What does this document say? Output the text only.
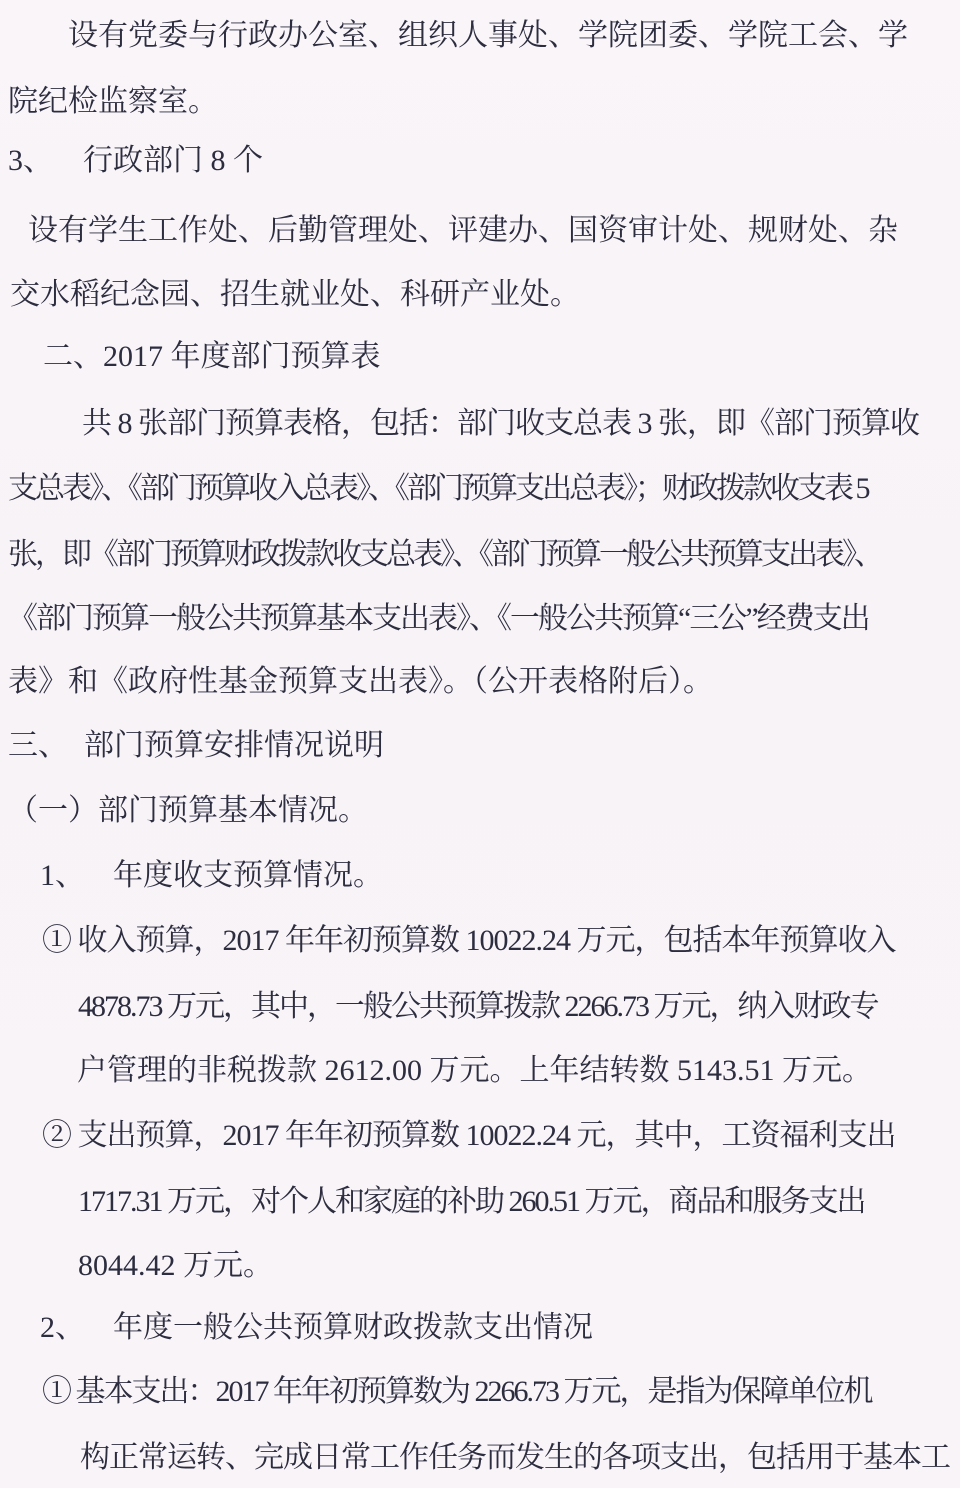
设有党委与行政办公室、组织人事处、学院团委、学院工会、学
院纪检监察室。
3、 行政部门 8 个
设有学生工作处、后勤管理处、评建办、国资审计处、规财处、杂
交水稻纪念园、招生就业处、科研产业处。
二、2017 年度部门预算表
共 8 张部门预算表格，包括：部门收支总表 3 张，即《部门预算收
支总表》、《部门预算收入总表》、《部门预算支出总表》；财政拨款收支表 5
张，即《部门预算财政拨款收支总表》、《部门预算一般公共预算支出表》、
《部门预算一般公共预算基本支出表》、《一般公共预算“三公”经费支出
表》和《政府性基金预算支出表》。（公开表格附后）。
三、 部门预算安排情况说明
（一）部门预算基本情况。
1、 年度收支预算情况。
① 收入预算，2017 年年初预算数 10022.24 万元，包括本年预算收入
4878.73 万元，其中，一般公共预算拨款 2266.73 万元，纳入财政专
户管理的非税拨款 2612.00 万元。上年结转数 5143.51 万元。
② 支出预算，2017 年年初预算数 10022.24 元，其中，工资福利支出
1717.31 万元，对个人和家庭的补助 260.51 万元，商品和服务支出
8044.42 万元。
2、 年度一般公共预算财政拨款支出情况
① 基本支出：2017 年年初预算数为 2266.73 万元，是指为保障单位机
构正常运转、完成日常工作任务而发生的各项支出，包括用于基本工
